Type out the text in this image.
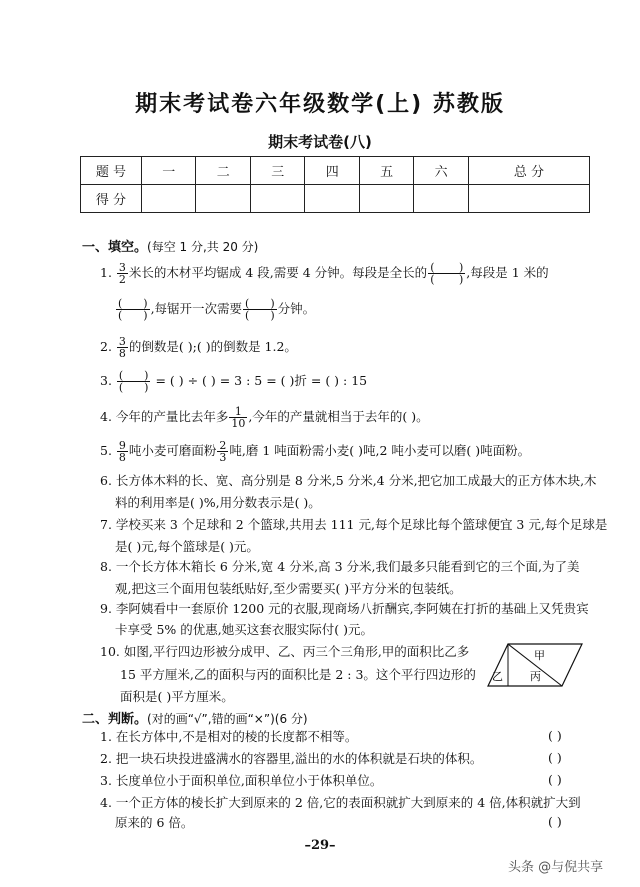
期末考试卷六年级数学(上) 苏教版
期末考试卷(八)
题 号	一	二	三	四	五	六	总 分
得 分							
一、填空。(每空 1 分,共 20 分)
1. $\frac{3}{2}$ 米长的木材平均锯成 4 段,需要 4 分钟。每段是全长的 $\frac{( )}{( )}$ ,每段是 1 米的
$\frac{( )}{( )}$ ,每锯开一次需要 $\frac{( )}{( )}$ 分钟。
2. $\frac{3}{8}$ 的倒数是( );( )的倒数是 1.2。
3. $\frac{( )}{( )}$ = ( ) ÷ ( ) = 3 : 5 = ( )折 = ( ) : 15
4. 今年的产量比去年多 $\frac{1}{10}$ ,今年的产量就相当于去年的( )。
5. $\frac{9}{8}$ 吨小麦可磨面粉 $\frac{2}{3}$ 吨,磨 1 吨面粉需小麦( )吨,2 吨小麦可以磨( )吨面粉。
6. 长方体木料的长、宽、高分别是 8 分米,5 分米,4 分米,把它加工成最大的正方体木块,木
料的利用率是( )%,用分数表示是( )。
7. 学校买来 3 个足球和 2 个篮球,共用去 111 元,每个足球比每个篮球便宜 3 元,每个足球是
是( )元,每个篮球是( )元。
8. 一个长方体木箱长 6 分米,宽 4 分米,高 3 分米,我们最多只能看到它的三个面,为了美
观,把这三个面用包装纸贴好,至少需要买( )平方分米的包装纸。
9. 李阿姨看中一套原价 1200 元的衣服,现商场八折酬宾,李阿姨在打折的基础上又凭贵宾
卡享受 5% 的优惠,她买这套衣服实际付( )元。
10. 如图,平行四边形被分成甲、乙、丙三个三角形,甲的面积比乙多
15 平方厘米,乙的面积与丙的面积比是 2 : 3。这个平行四边形的
面积是( )平方厘米。
甲
乙 丙
二、判断。(对的画“√”,错的画“×”)(6 分)
1. 在长方体中,不是相对的棱的长度都不相等。	( )
2. 把一块石块投进盛满水的容器里,溢出的水的体积就是石块的体积。	( )
3. 长度单位小于面积单位,面积单位小于体积单位。	( )
4. 一个正方体的棱长扩大到原来的 2 倍,它的表面积就扩大到原来的 4 倍,体积就扩大到
原来的 6 倍。	( )
–29–
头条 @与倪共享
